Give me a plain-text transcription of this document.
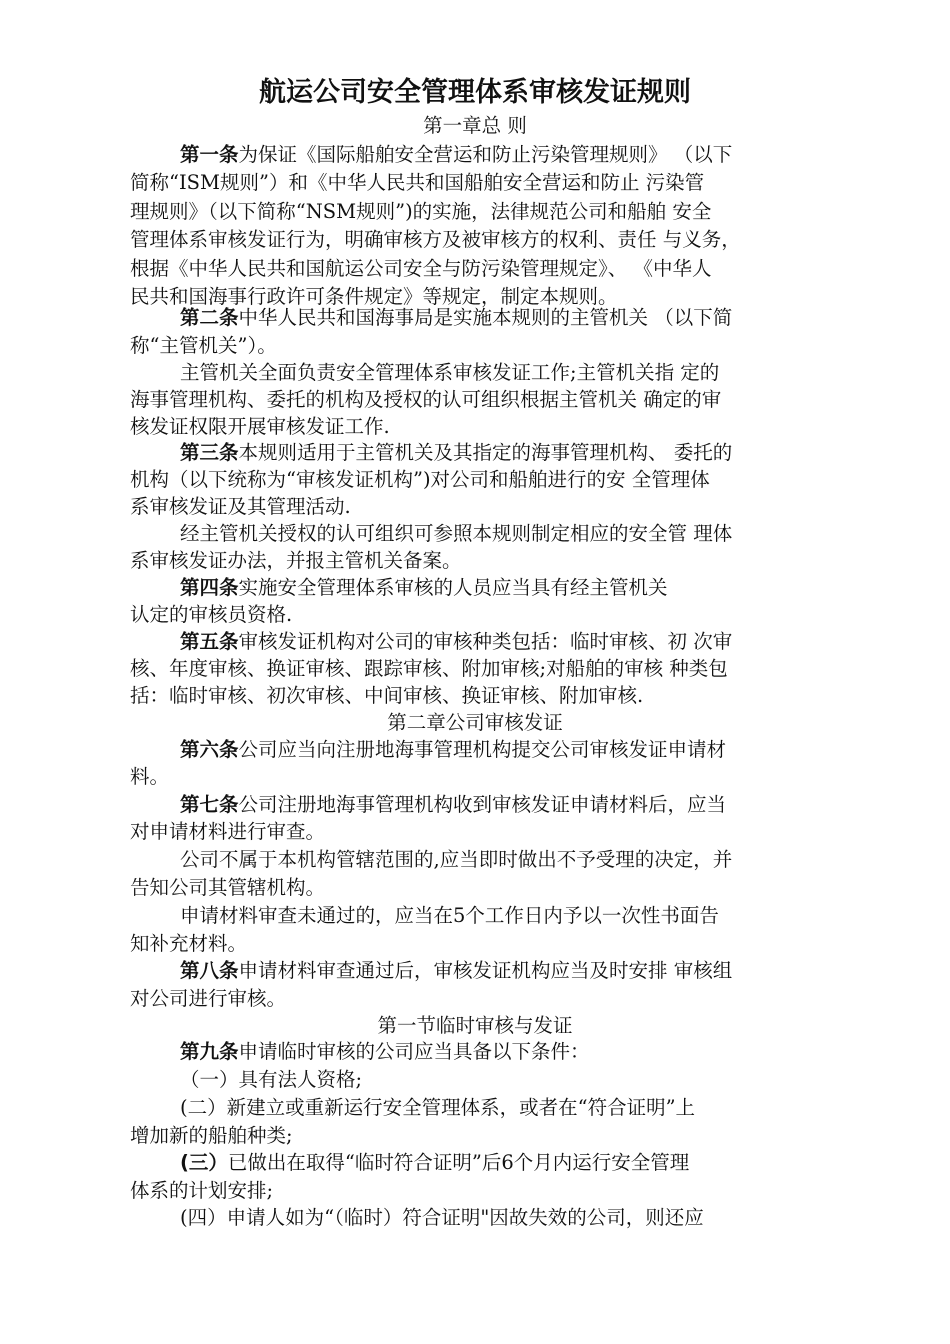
航运公司安全管理体系审核发证规则
第一章总 则
第一条为保证《国际船舶安全营运和防止污染管理规则》 （以下
简称“ISM规则”）和《中华人民共和国船舶安全营运和防止 污染管
理规则》（以下简称“NSM规则”)的实施，法律规范公司和船舶 安全
管理体系审核发证行为，明确审核方及被审核方的权利、责任 与义务，
根据《中华人民共和国航运公司安全与防污染管理规定》、 《中华人
民共和国海事行政许可条件规定》等规定，制定本规则。
第二条中华人民共和国海事局是实施本规则的主管机关 （以下简
称“主管机关”）。
主管机关全面负责安全管理体系审核发证工作;主管机关指 定的
海事管理机构、委托的机构及授权的认可组织根据主管机关 确定的审
核发证权限开展审核发证工作.
第三条本规则适用于主管机关及其指定的海事管理机构、 委托的
机构（以下统称为“审核发证机构”)对公司和船舶进行的安 全管理体
系审核发证及其管理活动.
经主管机关授权的认可组织可参照本规则制定相应的安全管 理体
系审核发证办法，并报主管机关备案。
第四条实施安全管理体系审核的人员应当具有经主管机关
认定的审核员资格.
第五条审核发证机构对公司的审核种类包括：临时审核、初 次审
核、年度审核、换证审核、跟踪审核、附加审核;对船舶的审核 种类包
括：临时审核、初次审核、中间审核、换证审核、附加审核.
第二章公司审核发证
第六条公司应当向注册地海事管理机构提交公司审核发证申请材
料。
第七条公司注册地海事管理机构收到审核发证申请材料后，应当
对申请材料进行审查。
公司不属于本机构管辖范围的,应当即时做出不予受理的决定，并
告知公司其管辖机构。
申请材料审查未通过的，应当在5个工作日内予以一次性书面告
知补充材料。
第八条申请材料审查通过后，审核发证机构应当及时安排 审核组
对公司进行审核。
第一节临时审核与发证
第九条申请临时审核的公司应当具备以下条件：
（一）具有法人资格;
(二）新建立或重新运行安全管理体系，或者在“符合证明”上
增加新的船舶种类;
(三）已做出在取得“临时符合证明”后6个月内运行安全管理
体系的计划安排;
(四）申请人如为“（临时）符合证明"因故失效的公司，则还应
